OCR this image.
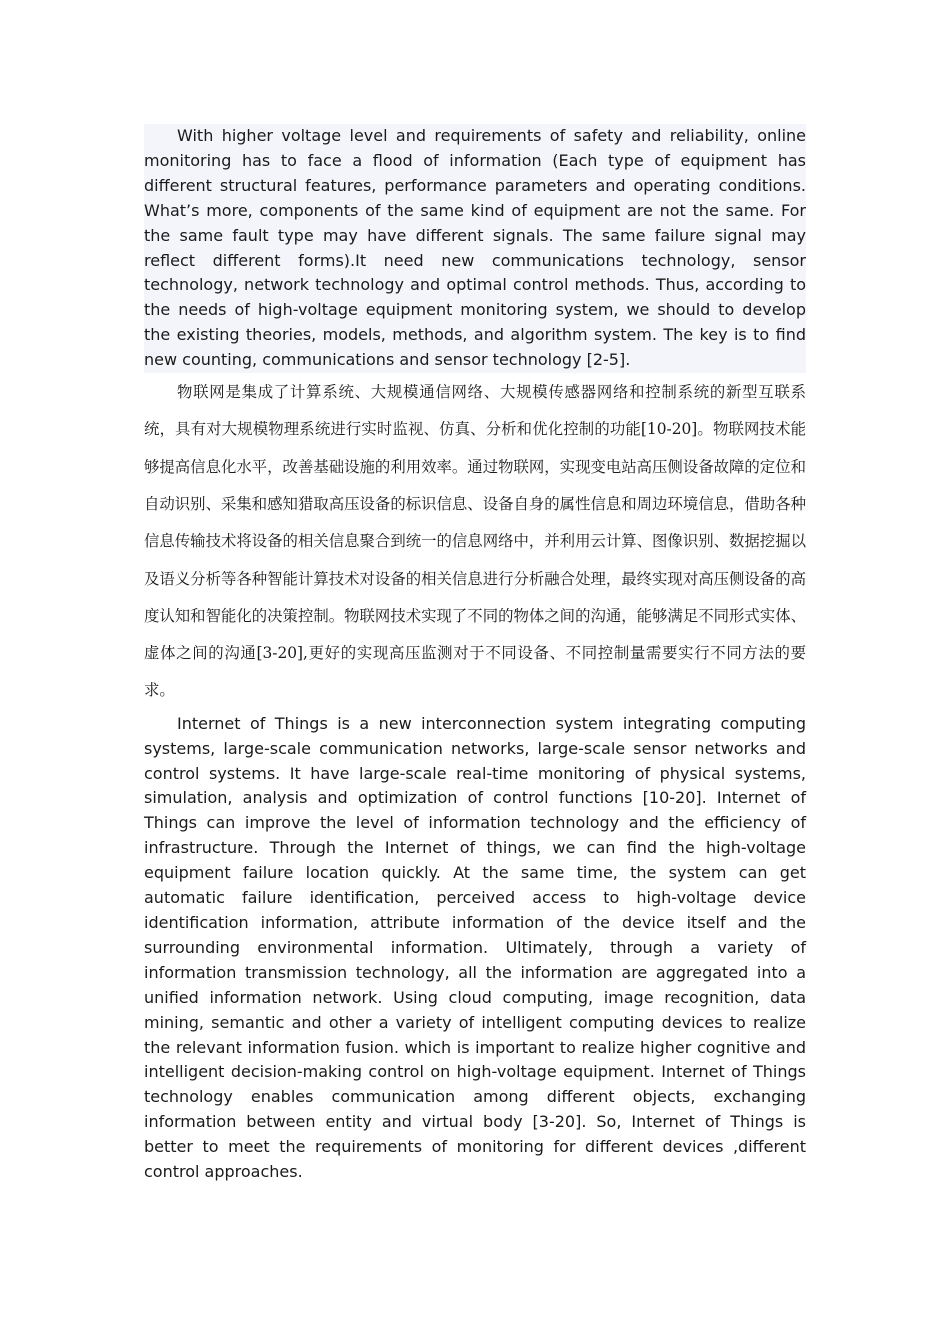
With higher voltage level and requirements of safety and reliability, online monitoring has to face a flood of information (Each type of equipment has different structural features, performance parameters and operating conditions. What’s more, components of the same kind of equipment are not the same. For the same fault type may have different signals. The same failure signal may reflect different forms).It need new communications technology, sensor technology, network technology and optimal control methods. Thus, according to the needs of high-voltage equipment monitoring system, we should to develop the existing theories, models, methods, and algorithm system. The key is to find new counting, communications and sensor technology [2-5].

物联网是集成了计算系统、大规模通信网络、大规模传感器网络和控制系统的新型互联系统，具有对大规模物理系统进行实时监视、仿真、分析和优化控制的功能[10-20]。物联网技术能够提高信息化水平，改善基础设施的利用效率。通过物联网，实现变电站高压侧设备故障的定位和自动识别、采集和感知猎取高压设备的标识信息、设备自身的属性信息和周边环境信息，借助各种信息传输技术将设备的相关信息聚合到统一的信息网络中，并利用云计算、图像识别、数据挖掘以及语义分析等各种智能计算技术对设备的相关信息进行分析融合处理，最终实现对高压侧设备的高度认知和智能化的决策控制。物联网技术实现了不同的物体之间的沟通，能够满足不同形式实体、虚体之间的沟通[3-20],更好的实现高压监测对于不同设备、不同控制量需要实行不同方法的要求。

Internet of Things is a new interconnection system integrating computing systems, large-scale communication networks, large-scale sensor networks and control systems. It have large-scale real-time monitoring of physical systems, simulation, analysis and optimization of control functions [10-20]. Internet of Things can improve the level of information technology and the efficiency of infrastructure. Through the Internet of things, we can find the high-voltage equipment failure location quickly. At the same time, the system can get automatic failure identification, perceived access to high-voltage device identification information, attribute information of the device itself and the surrounding environmental information. Ultimately, through a variety of information transmission technology, all the information are aggregated into a unified information network. Using cloud computing, image recognition, data mining, semantic and other a variety of intelligent computing devices to realize the relevant information fusion. which is important to realize higher cognitive and intelligent decision-making control on high-voltage equipment. Internet of Things technology enables communication among different objects, exchanging information between entity and virtual body [3-20]. So, Internet of Things is better to meet the requirements of monitoring for different devices ,different control approaches.
